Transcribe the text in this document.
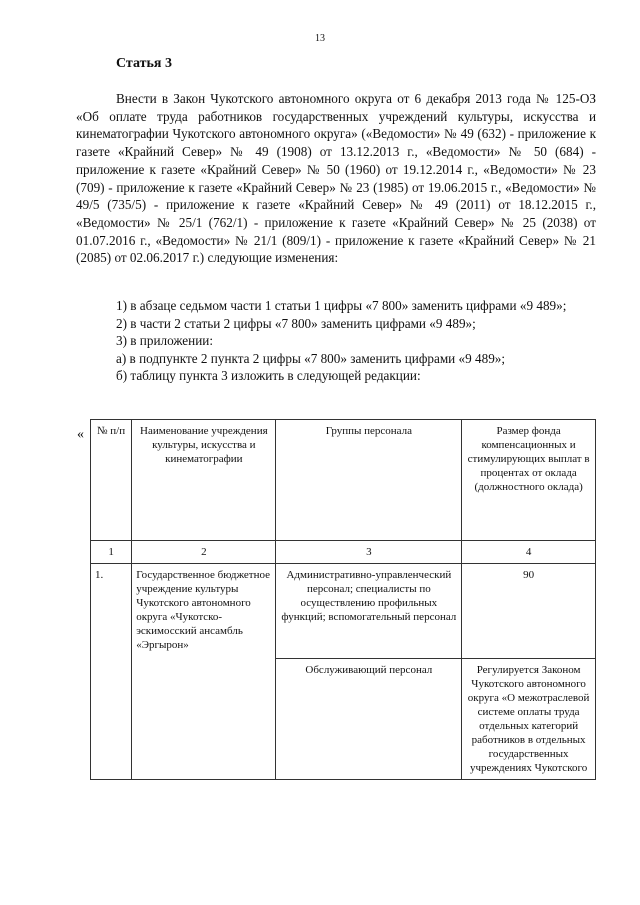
13
Статья 3

Внести в Закон Чукотского автономного округа от 6 декабря 2013 года № 125-ОЗ «Об оплате труда работников государственных учреждений культуры, искусства и кинематографии Чукотского автономного округа» («Ведомости» № 49 (632) - приложение к газете «Крайний Север» № 49 (1908) от 13.12.2013 г., «Ведомости» № 50 (684) - приложение к газете «Крайний Север» № 50 (1960) от 19.12.2014 г., «Ведомости» № 23 (709) - приложение к газете «Крайний Север» № 23 (1985) от 19.06.2015 г., «Ведомости» № 49/5 (735/5) - приложение к газете «Крайний Север» № 49 (2011) от 18.12.2015 г., «Ведомости» № 25/1 (762/1) - приложение к газете «Крайний Север» № 25 (2038) от 01.07.2016 г., «Ведомости» № 21/1 (809/1) - приложение к газете «Крайний Север» № 21 (2085) от 02.06.2017 г.) следующие изменения:

1) в абзаце седьмом части 1 статьи 1 цифры «7 800» заменить цифрами «9 489»;

2) в части 2 статьи 2 цифры «7 800» заменить цифрами «9 489»;

3) в приложении:

а) в подпункте 2 пункта 2 цифры «7 800» заменить цифрами «9 489»;

б) таблицу пункта 3 изложить в следующей редакции:

« № п/п	Наименование учреждения культуры, искусства и кинематографии	Группы персонала	Размер фонда компенсационных и стимулирующих выплат в процентах от оклада (должностного оклада)
1	2	3	4
1.	Государственное бюджетное учреждение культуры Чукотского автономного округа «Чукотско-эскимосский ансамбль «Эргырон»	Административно-управленческий персонал; специалисты по осуществлению профильных функций; вспомогательный персонал	90
		Обслуживающий персонал	Регулируется Законом Чукотского автономного округа «О межотраслевой системе оплаты труда отдельных категорий работников в отдельных государственных учреждениях Чукотского
